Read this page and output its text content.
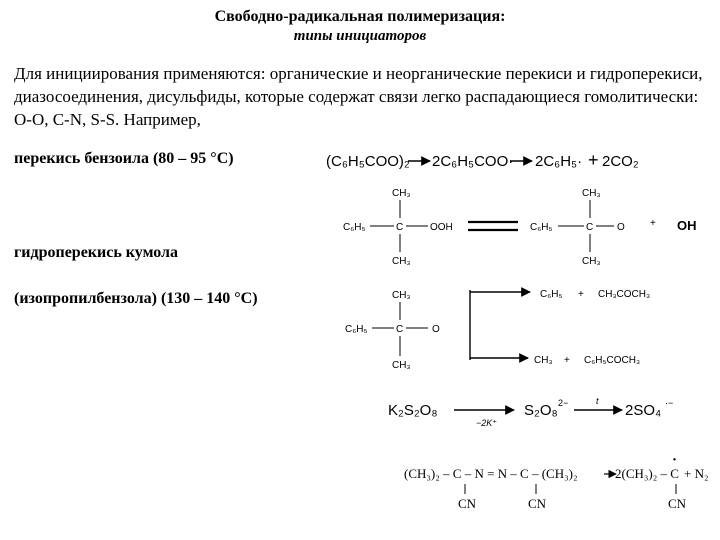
Свободно-радикальная полимеризация:
типы инициаторов
Для инициирования применяются: органические и неорганические перекиси и гидроперекиси, диазосоединения, дисульфиды, которые содержат связи легко распадающиеся гомолитически: О-О, С-N, S-S. Например,
перекись бензоила (80 – 95 °С)
гидроперекись кумола
(изопропилбензола) (130 – 140 °С)
(C₆H₅COO)₂ 2C₆H₅COO· 2C₆H₅· + 2CO₂
CH₃
C₆H₅	C	OOH
CH₃
CH₃
C₆H₅	C O
CH₃
+ OH
CH₃
C₆H₅	C	O
CH₃
C₆H₅ + CH₃COCH₃
CH₃ + C₆H₅COCH₃
K₂S₂O₈
−2K⁺
S₂O₈ 2−	t
2SO₄ ·−
(CH₃)₂ – C – N = N – C – (CH₃)₂	2(CH₃)₂ – C
·
+ N₂
CN	CN	CN
